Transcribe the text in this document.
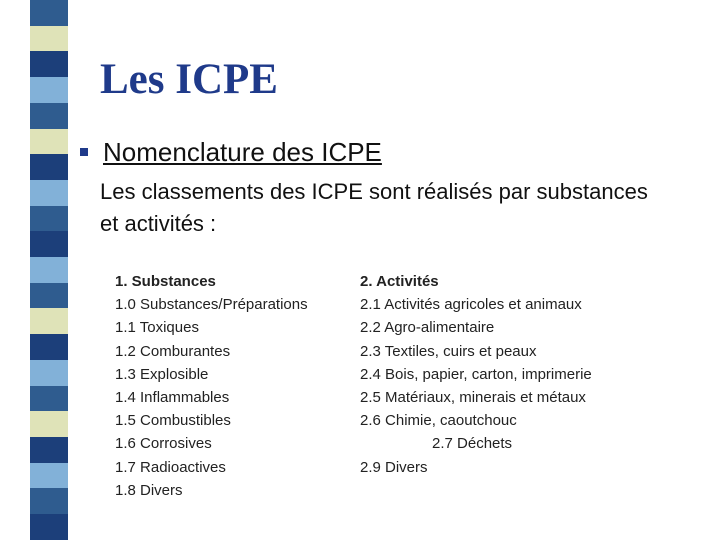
Les ICPE
Nomenclature des ICPE
Les classements des ICPE sont réalisés par substances et activités :
1. Substances
1.0 Substances/Préparations
1.1 Toxiques
1.2 Comburantes
1.3 Explosible
1.4 Inflammables
1.5 Combustibles
1.6 Corrosives
1.7 Radioactives
1.8 Divers
2. Activités
2.1 Activités agricoles et animaux
2.2 Agro-alimentaire
2.3 Textiles, cuirs et peaux
2.4 Bois, papier, carton, imprimerie
2.5 Matériaux, minerais et métaux
2.6 Chimie, caoutchouc
2.7 Déchets
2.9 Divers
